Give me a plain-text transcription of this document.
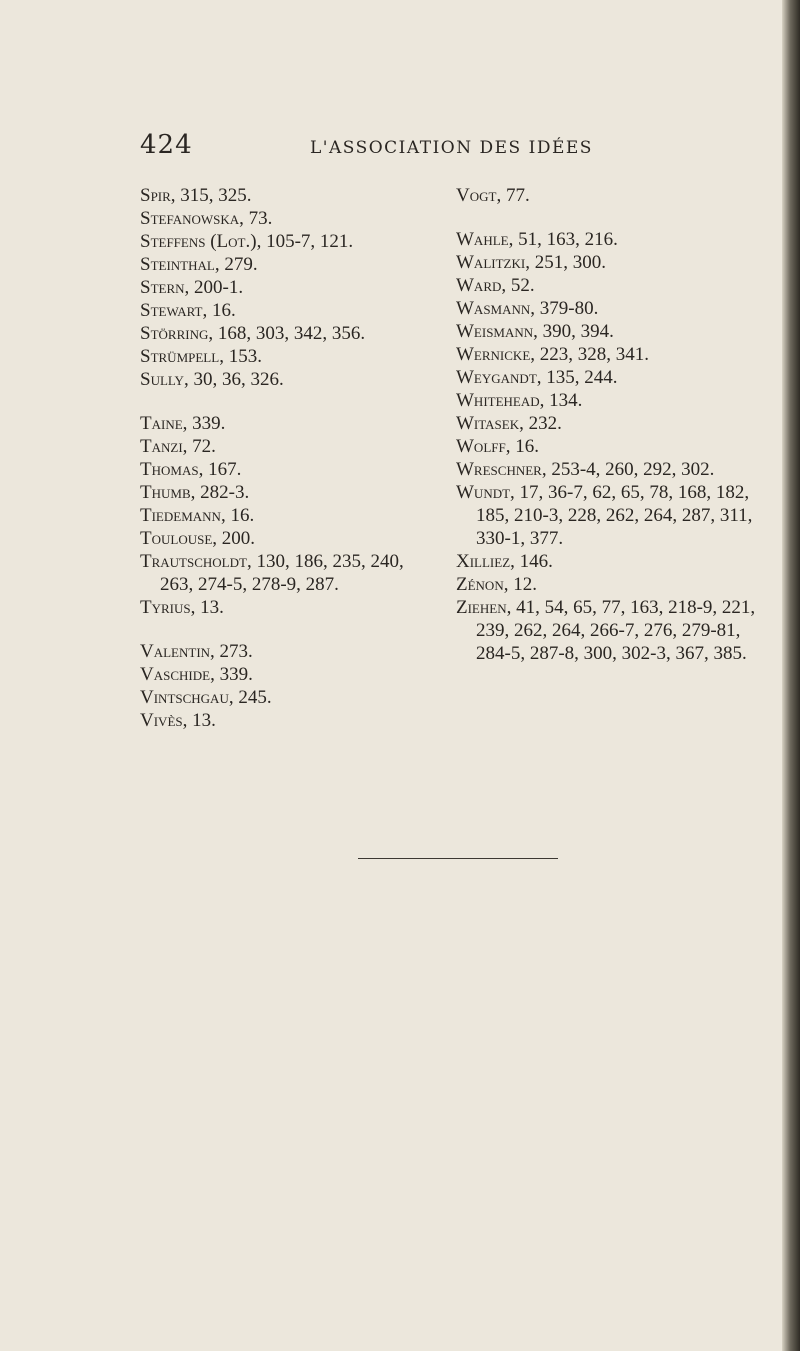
424	L'ASSOCIATION DES IDÉES
Spir, 315, 325.
Stefanowska, 73.
Steffens (Lot.), 105-7, 121.
Steinthal, 279.
Stern, 200-1.
Stewart, 16.
Störring, 168, 303, 342, 356.
Strümpell, 153.
Sully, 30, 36, 326.
Taine, 339.
Tanzi, 72.
Thomas, 167.
Thumb, 282-3.
Tiedemann, 16.
Toulouse, 200.
Trautscholdt, 130, 186, 235, 240, 263, 274-5, 278-9, 287.
Tyrius, 13.
Valentin, 273.
Vaschide, 339.
Vintschgau, 245.
Vivès, 13.
Vogt, 77.
Wahle, 51, 163, 216.
Walitzki, 251, 300.
Ward, 52.
Wasmann, 379-80.
Weismann, 390, 394.
Wernicke, 223, 328, 341.
Weygandt, 135, 244.
Whitehead, 134.
Witasek, 232.
Wolff, 16.
Wreschner, 253-4, 260, 292, 302.
Wundt, 17, 36-7, 62, 65, 78, 168, 182, 185, 210-3, 228, 262, 264, 287, 311, 330-1, 377.
Xilliez, 146.
Zénon, 12.
Ziehen, 41, 54, 65, 77, 163, 218-9, 221, 239, 262, 264, 266-7, 276, 279-81, 284-5, 287-8, 300, 302-3, 367, 385.
